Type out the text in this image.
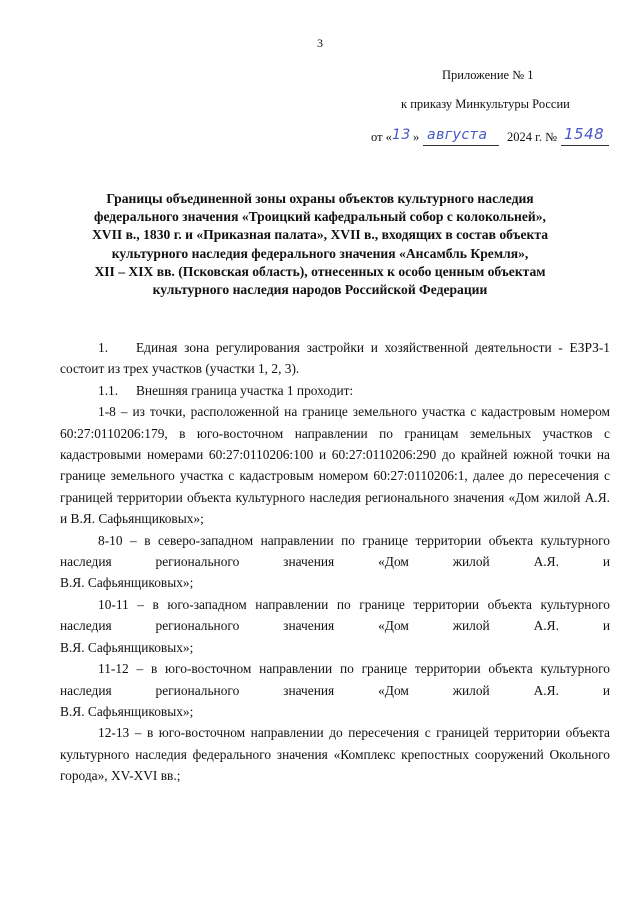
3
Приложение № 1
к приказу Минкультуры России
от « 13 » августа 2024 г. № 1548
Границы объединенной зоны охраны объектов культурного наследия
федерального значения «Троицкий кафедральный собор с колокольней»,
XVII в., 1830 г. и «Приказная палата», XVII в., входящих в состав объекта
культурного наследия федерального значения «Ансамбль Кремля»,
XII – XIX вв. (Псковская область), отнесенных к особо ценным объектам
культурного наследия народов Российской Федерации

1. Единая зона регулирования застройки и хозяйственной деятельности - ЕЗРЗ-1 состоит из трех участков (участки 1, 2, 3).

1.1. Внешняя граница участка 1 проходит:

1-8 – из точки, расположенной на границе земельного участка с кадастровым номером 60:27:0110206:179, в юго-восточном направлении по границам земельных участков с кадастровыми номерами 60:27:0110206:100 и 60:27:0110206:290 до крайней южной точки на границе земельного участка с кадастровым номером 60:27:0110206:1, далее до пересечения с границей территории объекта культурного наследия регионального значения «Дом жилой А.Я. и В.Я. Сафьянщиковых»;

8-10 – в северо-западном направлении по границе территории объекта культурного наследия регионального значения «Дом жилой А.Я. и

В.Я. Сафьянщиковых»;

10-11 – в юго-западном направлении по границе территории объекта культурного наследия регионального значения «Дом жилой А.Я. и

В.Я. Сафьянщиковых»;

11-12 – в юго-восточном направлении по границе территории объекта культурного наследия регионального значения «Дом жилой А.Я. и

В.Я. Сафьянщиковых»;

12-13 – в юго-восточном направлении до пересечения с границей территории объекта культурного наследия федерального значения «Комплекс крепостных сооружений Окольного города», XV-XVI вв.;
